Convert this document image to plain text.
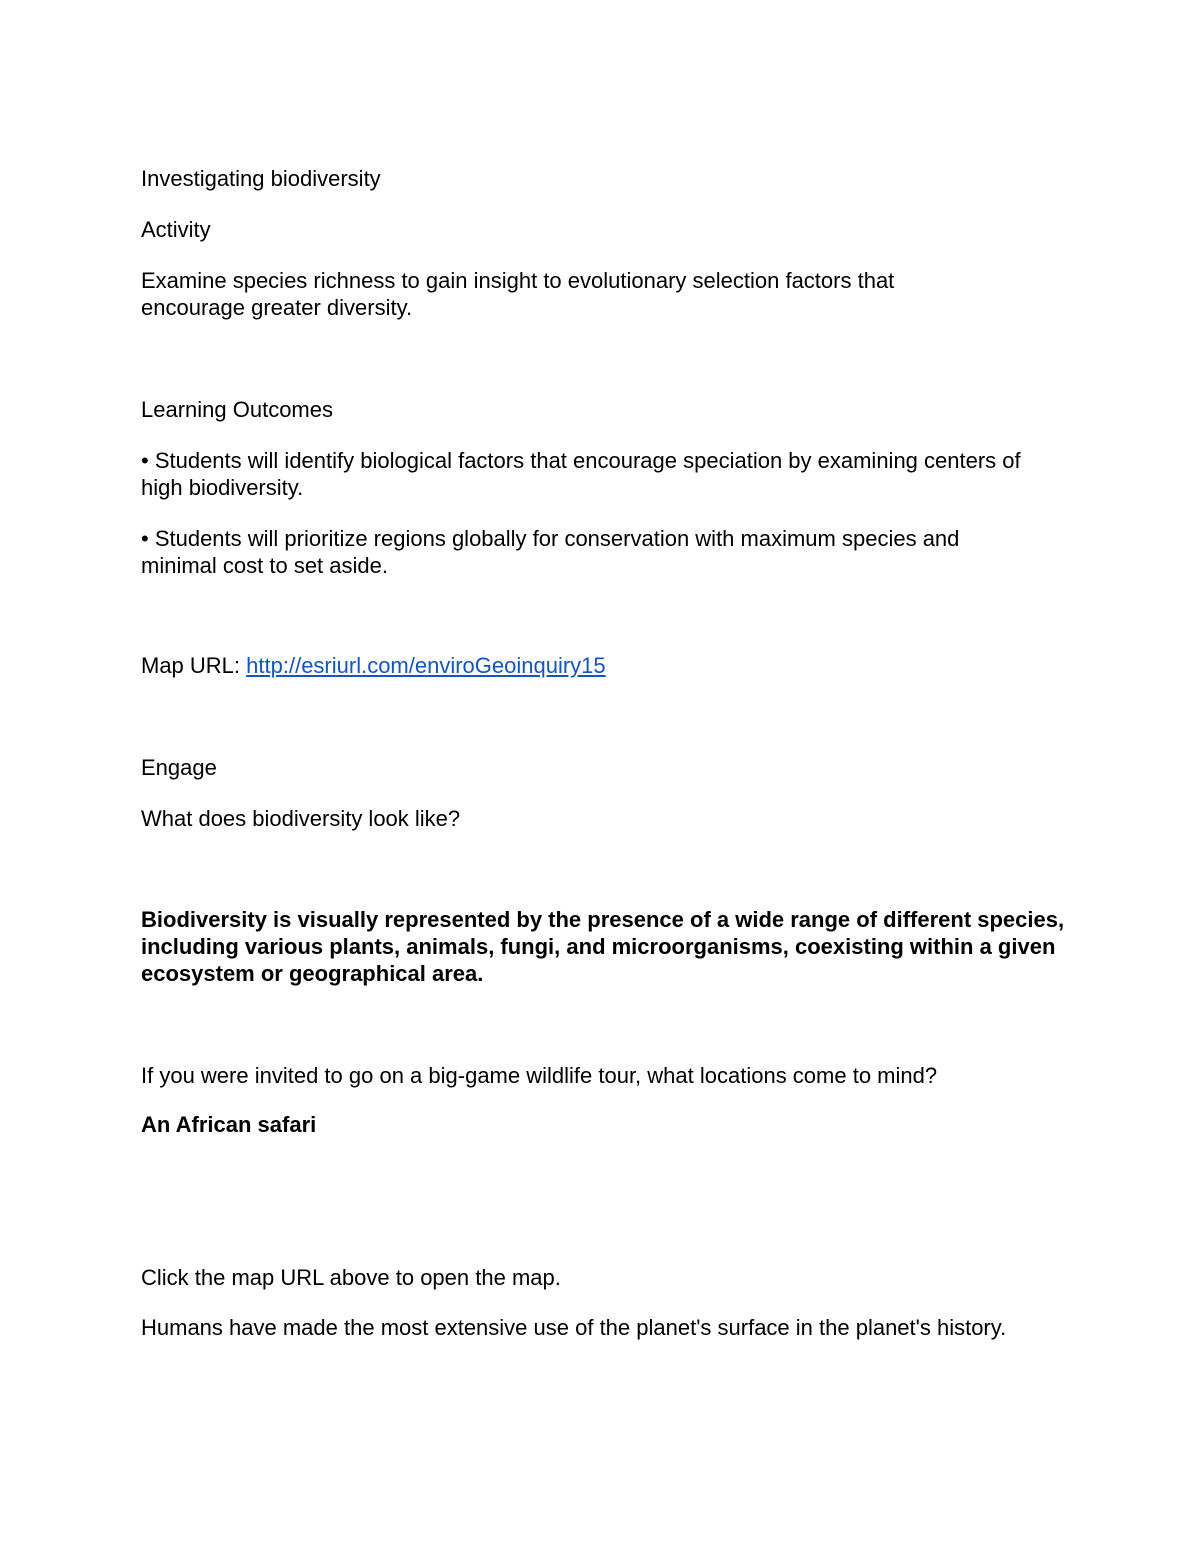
Investigating biodiversity

Activity

Examine species richness to gain insight to evolutionary selection factors that encourage greater diversity.

Learning Outcomes

• Students will identify biological factors that encourage speciation by examining centers of high biodiversity.

• Students will prioritize regions globally for conservation with maximum species and minimal cost to set aside.

Map URL: http://esriurl.com/enviroGeoinquiry15

Engage

What does biodiversity look like?

Biodiversity is visually represented by the presence of a wide range of different species, including various plants, animals, fungi, and microorganisms, coexisting within a given ecosystem or geographical area.

If you were invited to go on a big-game wildlife tour, what locations come to mind?

An African safari

Click the map URL above to open the map.

Humans have made the most extensive use of the planet's surface in the planet's history.
